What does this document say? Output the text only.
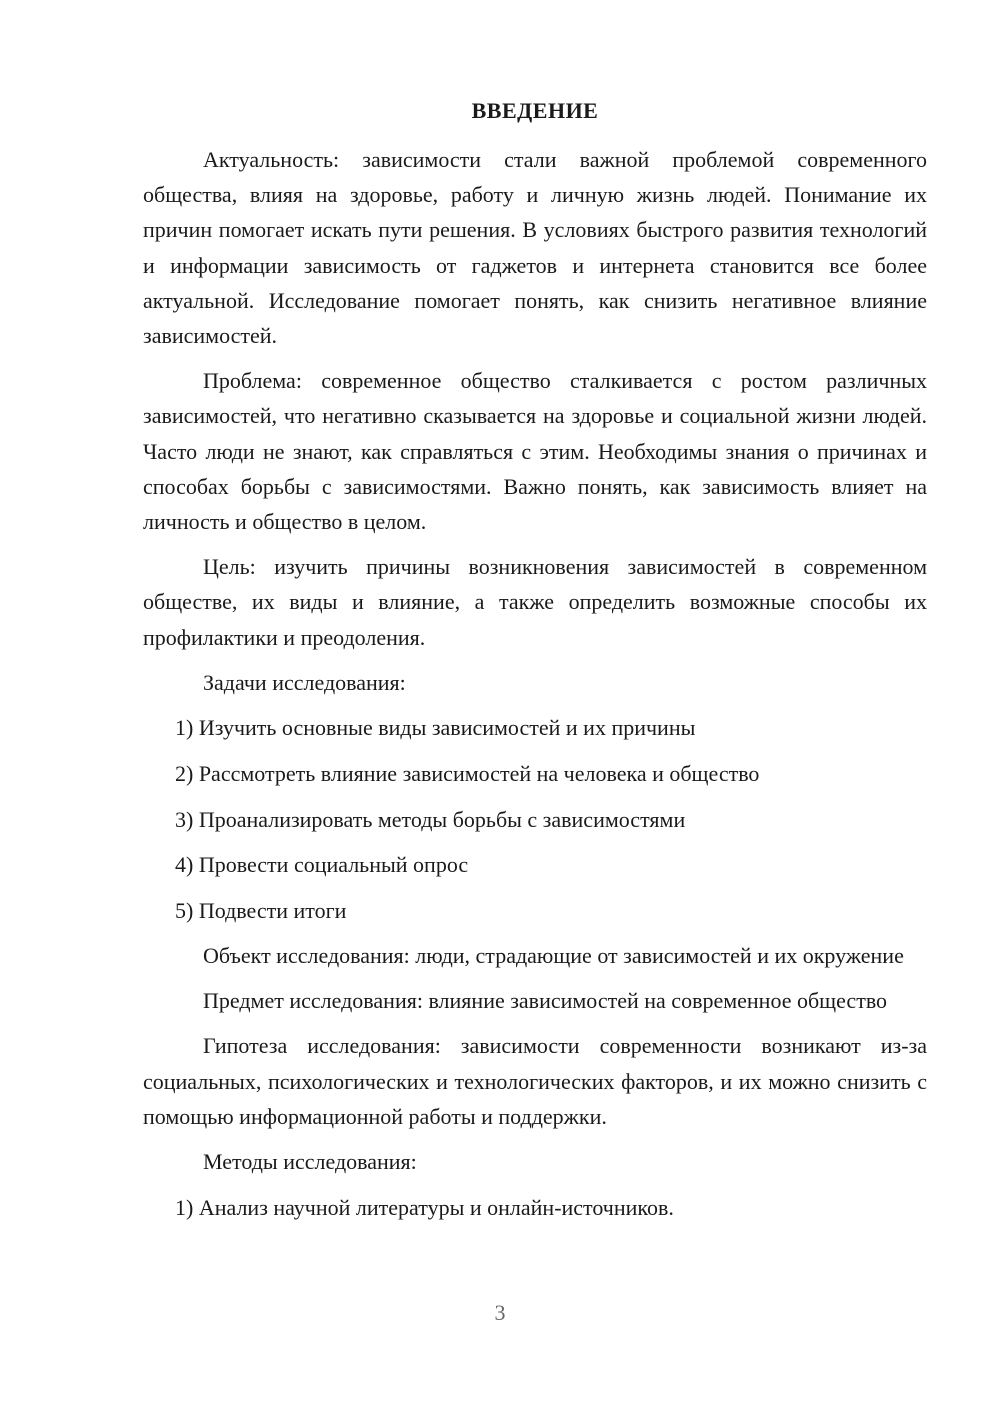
ВВЕДЕНИЕ

Актуальность: зависимости стали важной проблемой современного общества, влияя на здоровье, работу и личную жизнь людей. Понимание их причин помогает искать пути решения. В условиях быстрого развития технологий и информации зависимость от гаджетов и интернета становится все более актуальной. Исследование помогает понять, как снизить негативное влияние зависимостей.

Проблема: современное общество сталкивается с ростом различных зависимостей, что негативно сказывается на здоровье и социальной жизни людей. Часто люди не знают, как справляться с этим. Необходимы знания о причинах и способах борьбы с зависимостями. Важно понять, как зависимость влияет на личность и общество в целом.

Цель: изучить причины возникновения зависимостей в современном обществе, их виды и влияние, а также определить возможные способы их профилактики и преодоления.

Задачи исследования:

1) Изучить основные виды зависимостей и их причины

2) Рассмотреть влияние зависимостей на человека и общество

3) Проанализировать методы борьбы с зависимостями

4) Провести социальный опрос

5) Подвести итоги

Объект исследования: люди, страдающие от зависимостей и их окружение

Предмет исследования: влияние зависимостей на современное общество

Гипотеза исследования: зависимости современности возникают из-за социальных, психологических и технологических факторов, и их можно снизить с помощью информационной работы и поддержки.

Методы исследования:

1) Анализ научной литературы и онлайн-источников.

3
